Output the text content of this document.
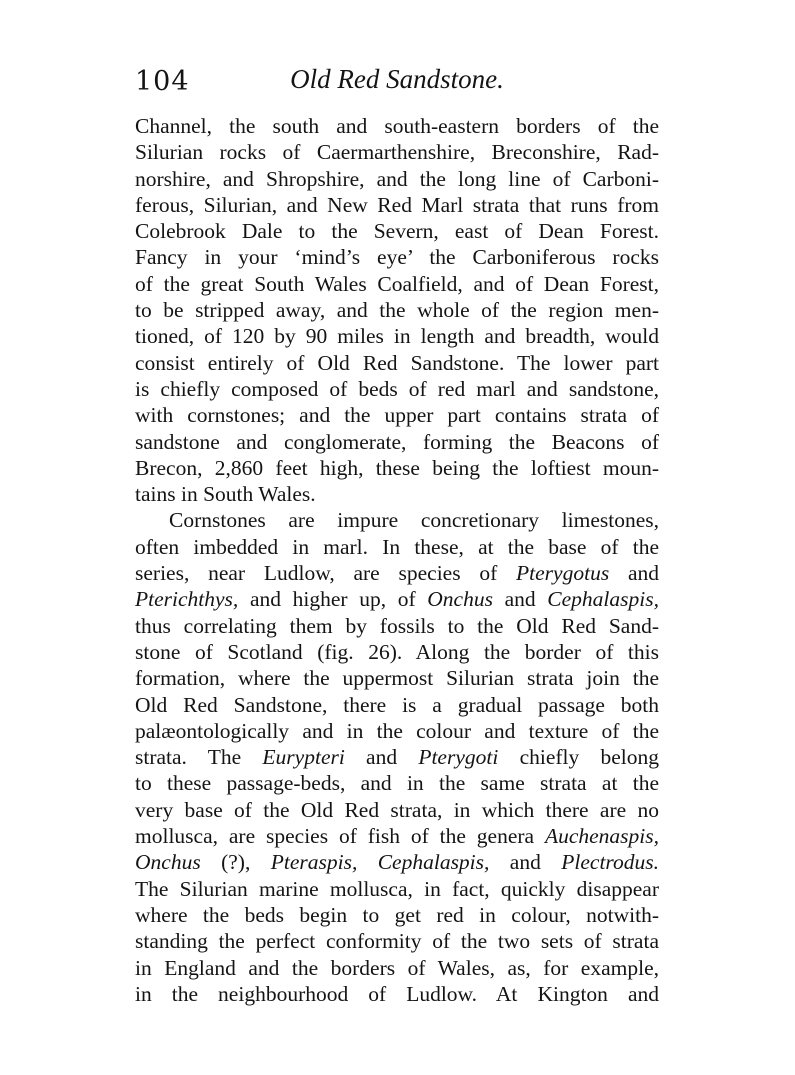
104	Old Red Sandstone.
Channel, the south and south-eastern borders of the
Silurian rocks of Caermarthenshire, Breconshire, Rad-
norshire, and Shropshire, and the long line of Carboni-
ferous, Silurian, and New Red Marl strata that runs from
Colebrook Dale to the Severn, east of Dean Forest.
Fancy in your ‘mind’s eye’ the Carboniferous rocks
of the great South Wales Coalfield, and of Dean Forest,
to be stripped away, and the whole of the region men-
tioned, of 120 by 90 miles in length and breadth, would
consist entirely of Old Red Sandstone. The lower part
is chiefly composed of beds of red marl and sandstone,
with cornstones; and the upper part contains strata of
sandstone and conglomerate, forming the Beacons of
Brecon, 2,860 feet high, these being the loftiest moun-
tains in South Wales.
Cornstones are impure concretionary limestones,
often imbedded in marl. In these, at the base of the
series, near Ludlow, are species of Pterygotus and
Pterichthys, and higher up, of Onchus and Cephalaspis,
thus correlating them by fossils to the Old Red Sand-
stone of Scotland (fig. 26). Along the border of this
formation, where the uppermost Silurian strata join the
Old Red Sandstone, there is a gradual passage both
palæontologically and in the colour and texture of the
strata. The Eurypteri and Pterygoti chiefly belong
to these passage-beds, and in the same strata at the
very base of the Old Red strata, in which there are no
mollusca, are species of fish of the genera Auchenaspis,
Onchus (?), Pteraspis, Cephalaspis, and Plectrodus.
The Silurian marine mollusca, in fact, quickly disappear
where the beds begin to get red in colour, notwith-
standing the perfect conformity of the two sets of strata
in England and the borders of Wales, as, for example,
in the neighbourhood of Ludlow. At Kington and
